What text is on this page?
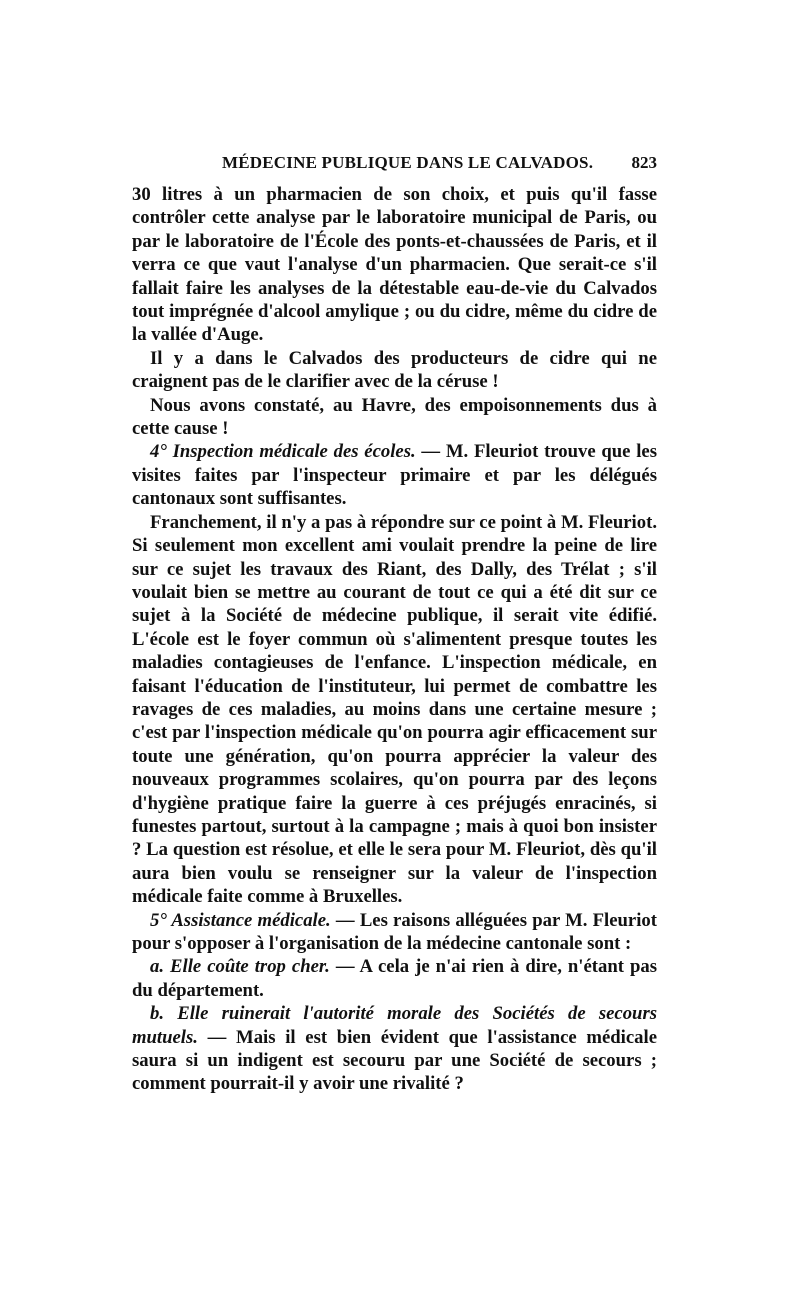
MÉDECINE PUBLIQUE DANS LE CALVADOS. 823

30 litres à un pharmacien de son choix, et puis qu'il fasse contrôler cette analyse par le laboratoire municipal de Paris, ou par le laboratoire de l'École des ponts-et-chaussées de Paris, et il verra ce que vaut l'analyse d'un pharmacien. Que serait-ce s'il fallait faire les analyses de la détestable eau-de-vie du Calvados tout imprégnée d'alcool amylique ; ou du cidre, même du cidre de la vallée d'Auge.

Il y a dans le Calvados des producteurs de cidre qui ne craignent pas de le clarifier avec de la céruse !

Nous avons constaté, au Havre, des empoisonnements dus à cette cause !

4° Inspection médicale des écoles. — M. Fleuriot trouve que les visites faites par l'inspecteur primaire et par les délégués cantonaux sont suffisantes.

Franchement, il n'y a pas à répondre sur ce point à M. Fleuriot. Si seulement mon excellent ami voulait prendre la peine de lire sur ce sujet les travaux des Riant, des Dally, des Trélat ; s'il voulait bien se mettre au courant de tout ce qui a été dit sur ce sujet à la Société de médecine publique, il serait vite édifié. L'école est le foyer commun où s'alimentent presque toutes les maladies contagieuses de l'enfance. L'inspection médicale, en faisant l'éducation de l'instituteur, lui permet de combattre les ravages de ces maladies, au moins dans une certaine mesure ; c'est par l'inspection médicale qu'on pourra agir efficacement sur toute une génération, qu'on pourra apprécier la valeur des nouveaux programmes scolaires, qu'on pourra par des leçons d'hygiène pratique faire la guerre à ces préjugés enracinés, si funestes partout, surtout à la campagne ; mais à quoi bon insister ? La question est résolue, et elle le sera pour M. Fleuriot, dès qu'il aura bien voulu se renseigner sur la valeur de l'inspection médicale faite comme à Bruxelles.

5° Assistance médicale. — Les raisons alléguées par M. Fleuriot pour s'opposer à l'organisation de la médecine cantonale sont :

a. Elle coûte trop cher. — A cela je n'ai rien à dire, n'étant pas du département.

b. Elle ruinerait l'autorité morale des Sociétés de secours mutuels. — Mais il est bien évident que l'assistance médicale saura si un indigent est secouru par une Société de secours ; comment pourrait-il y avoir une rivalité ?
